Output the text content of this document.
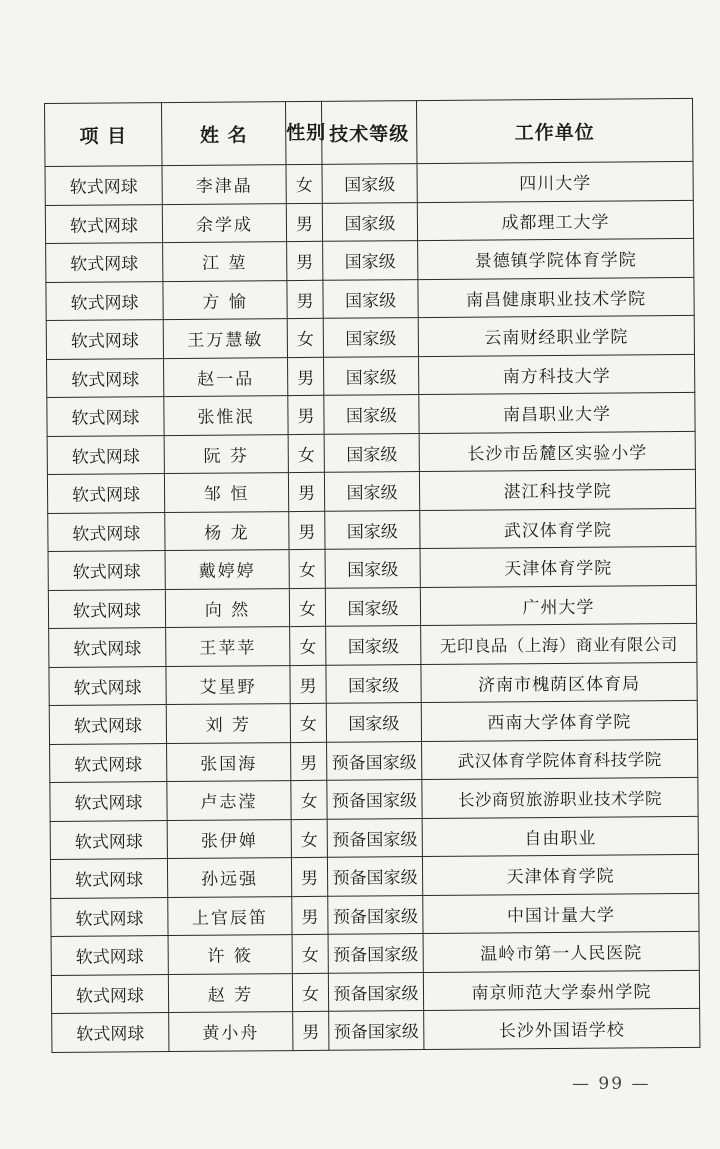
项 目	姓 名	性别	技术等级	工作单位
软式网球	李津晶	女	国家级	四川大学
软式网球	余学成	男	国家级	成都理工大学
软式网球	江 堃	男	国家级	景德镇学院体育学院
软式网球	方 愉	男	国家级	南昌健康职业技术学院
软式网球	王万慧敏	女	国家级	云南财经职业学院
软式网球	赵一品	男	国家级	南方科技大学
软式网球	张惟泯	男	国家级	南昌职业大学
软式网球	阮 芬	女	国家级	长沙市岳麓区实验小学
软式网球	邹 恒	男	国家级	湛江科技学院
软式网球	杨 龙	男	国家级	武汉体育学院
软式网球	戴婷婷	女	国家级	天津体育学院
软式网球	向 然	女	国家级	广州大学
软式网球	王苹苹	女	国家级	无印良品（上海）商业有限公司
软式网球	艾星野	男	国家级	济南市槐荫区体育局
软式网球	刘 芳	女	国家级	西南大学体育学院
软式网球	张国海	男	预备国家级	武汉体育学院体育科技学院
软式网球	卢志滢	女	预备国家级	长沙商贸旅游职业技术学院
软式网球	张伊婵	女	预备国家级	自由职业
软式网球	孙远强	男	预备国家级	天津体育学院
软式网球	上官辰笛	男	预备国家级	中国计量大学
软式网球	许 筱	女	预备国家级	温岭市第一人民医院
软式网球	赵 芳	女	预备国家级	南京师范大学泰州学院
软式网球	黄小舟	男	预备国家级	长沙外国语学校
— 99 —
